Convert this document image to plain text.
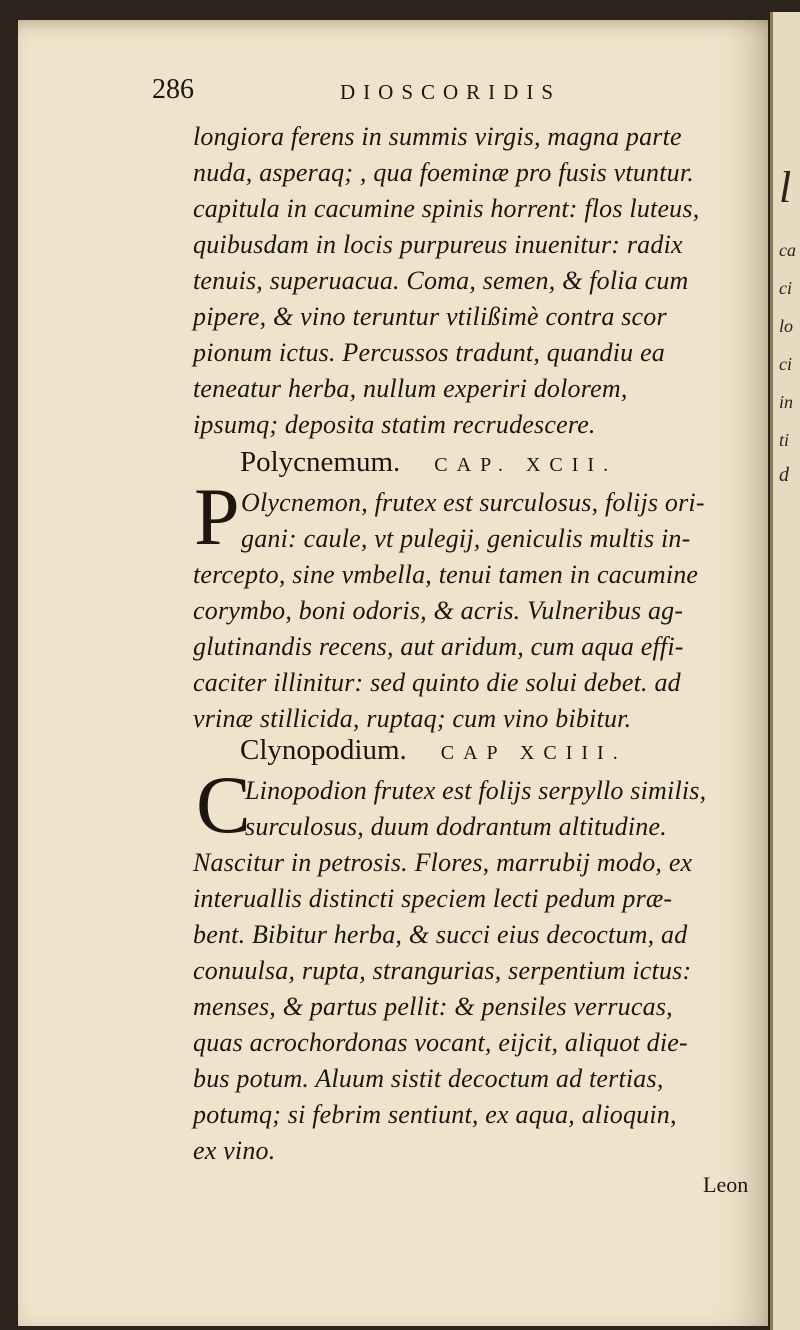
l
ca
ci
lo
ci
in
ti
d
286	DIOSCORIDIS
longiora ferens in summis virgis, magna parte
nuda, asperaq; , qua foeminæ pro fusis vtuntur.
capitula in cacumine spinis horrent: flos luteus,
quibusdam in locis purpureus inuenitur: radix
tenuis, superuacua. Coma, semen, & folia cum
pipere, & vino teruntur vtilißimè contra scor
pionum ictus. Percussos tradunt, quandiu ea
teneatur herba, nullum experiri dolorem,
ipsumq; deposita statim recrudescere.
Polycnemum. CAP. XCII.
P Olycnemon, frutex est surculosus, folijs ori-
gani: caule, vt pulegij, geniculis multis in-
tercepto, sine vmbella, tenui tamen in cacumine
corymbo, boni odoris, & acris. Vulneribus ag-
glutinandis recens, aut aridum, cum aqua effi-
caciter illinitur: sed quinto die solui debet. ad
vrinæ stillicida, ruptaq; cum vino bibitur.
Clynopodium. CAP XCIII.
C
Linopodion frutex est folijs serpyllo similis,
surculosus, duum dodrantum altitudine.
Nascitur in petrosis. Flores, marrubij modo, ex
interuallis distincti speciem lecti pedum præ-
bent. Bibitur herba, & succi eius decoctum, ad
conuulsa, rupta, strangurias, serpentium ictus:
menses, & partus pellit: & pensiles verrucas,
quas acrochordonas vocant, eijcit, aliquot die-
bus potum. Aluum sistit decoctum ad tertias,
potumq; si febrim sentiunt, ex aqua, alioquin,
ex vino.
Leon
